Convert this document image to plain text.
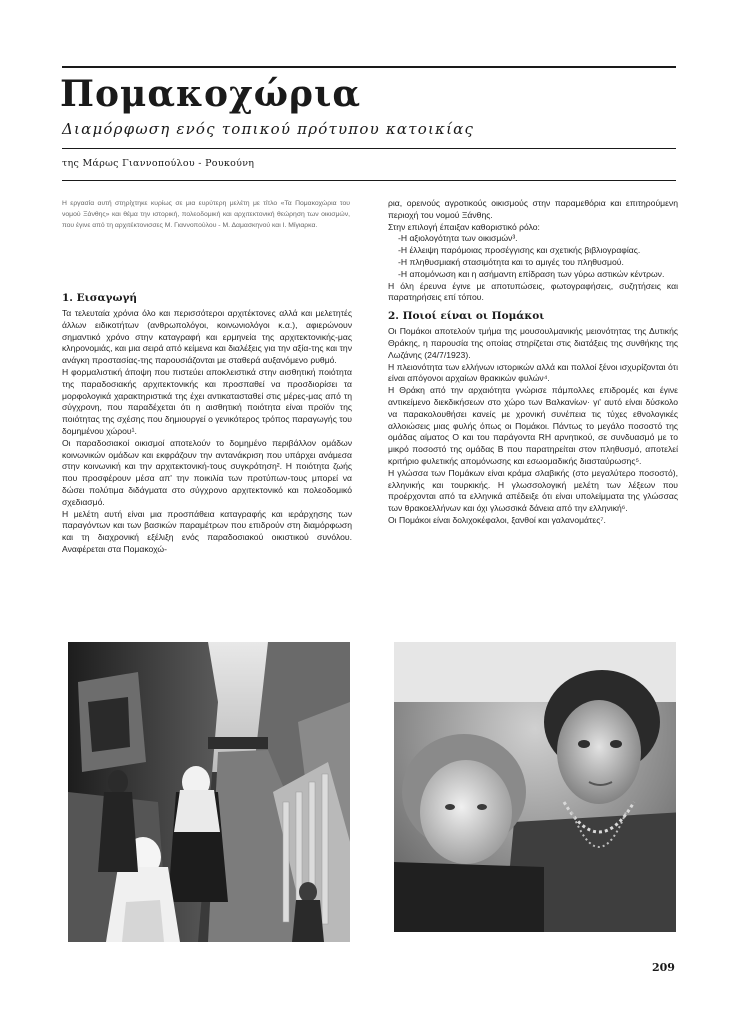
Πομακοχώρια

Διαμόρφωση ενός τοπικού πρότυπου κατοικίας

της Μάρως Γιαννοπούλου - Ρουκούνη

Η εργασία αυτή στηρίχτηκε κυρίως σε μια ευρύτερη μελέτη με τίτλο «Τα Πομακοχώρια του νομού Ξάνθης» και θέμα την ιστορική, πολεοδομική και αρχιτεκτονική θεώρηση των οικισμών, που έγινε από τη αρχιτέκτονισσες Μ. Γιαννοπούλου - Μ. Δαμασκηνού και Ι. Μίγιαρκα.

1. Εισαγωγή

Τα τελευταία χρόνια όλο και περισσότεροι αρχιτέκτονες αλλά και μελετητές άλλων ειδικοτήτων (ανθρωπολόγοι, κοινωνιολόγοι κ.α.), αφιερώνουν σημαντικό χρόνο στην καταγραφή και ερμηνεία της αρχιτεκτονικής-μας κληρονομιάς, και μια σειρά από κείμενα και διαλέξεις για την αξία-της και την ανάγκη προστασίας-της παρουσιάζονται με σταθερά αυξανόμενο ρυθμό.

Η φορμαλιστική άποψη που πιστεύει αποκλειστικά στην αισθητική ποιότητα της παραδοσιακής αρχιτεκτονικής και προσπαθεί να προσδιορίσει τα μορφολογικά χαρακτηριστικά της έχει αντικατασταθεί στις μέρες-μας από τη σύγχρονη, που παραδέχεται ότι η αισθητική ποιότητα είναι προϊόν της ποιότητας της σχέσης που δημιουργεί ο γενικότερος τρόπος παραγωγής του δομημένου χώρου¹.

Οι παραδοσιακοί οικισμοί αποτελούν το δομημένο περιβάλλον ομάδων κοινωνικών ομάδων και εκφράζουν την αντανάκριση που υπάρχει ανάμεσα στην κοινωνική και την αρχιτεκτονική-τους συγκρότηση². Η ποιότητα ζωής που προσφέρουν μέσα απ' την ποικιλία των προτύπων-τους μπορεί να δώσει πολύτιμα διδάγματα στο σύγχρονο αρχιτεκτονικό και πολεοδομικό σχεδιασμό.

Η μελέτη αυτή είναι μια προσπάθεια καταγραφής και ιεράρχησης των παραγόντων και των βασικών παραμέτρων που επιδρούν στη διαμόρφωση και τη διαχρονική εξέλιξη ενός παραδοσιακού οικιστικού συνόλου. Αναφέρεται στα Πομακοχώ-

ρια, ορεινούς αγροτικούς οικισμούς στην παραμεθόρια και επιτηρούμενη περιοχή του νομού Ξάνθης.

Στην επιλογή έπαιξαν καθοριστικό ρόλο:

-Η αξιολογότητα των οικισμών³.
-Η έλλειψη παρόμοιας προσέγγισης και σχετικής βιβλιογραφίας.
-Η πληθυσμιακή στασιμότητα και το αμιγές του πληθυσμού.
-Η απομόνωση και η ασήμαντη επίδραση των γύρω αστικών κέντρων.

Η όλη έρευνα έγινε με αποτυπώσεις, φωτογραφήσεις, συζητήσεις και παρατηρήσεις επί τόπου.

2. Ποιοί είναι οι Πομάκοι

Οι Πομάκοι αποτελούν τμήμα της μουσουλμανικής μειονότητας της Δυτικής Θράκης, η παρουσία της οποίας στηρίζεται στις διατάξεις της συνθήκης της Λωζάνης (24/7/1923).

Η πλειονότητα των ελλήνων ιστορικών αλλά και πολλοί ξένοι ισχυρίζονται ότι είναι απόγονοι αρχαίων θρακικών φυλών⁴.

Η Θράκη από την αρχαιότητα γνώρισε πάμπολλες επιδρομές και έγινε αντικείμενο διεκδικήσεων στο χώρο των Βαλκανίων· γι' αυτό είναι δύσκολο να παρακολουθήσει κανείς με χρονική συνέπεια τις τύχες εθνολογικές αλλοιώσεις μιας φυλής όπως οι Πομάκοι. Πάντως το μεγάλο ποσοστό της ομάδας αίματος Ο και του παράγοντα RH αρνητικού, σε συνδυασμό με το μικρό ποσοστό της ομάδας B που παρατηρείται στον πληθυσμό, αποτελεί κριτήριο φυλετικής απομόνωσης και εσωομαδικής διασταύρωσης⁵.

Η γλώσσα των Πομάκων είναι κράμα σλαβικής (στο μεγαλύτερο ποσοστό), ελληνικής και τουρκικής. Η γλωσσολογική μελέτη των λέξεων που προέρχονται από τα ελληνικά απέδειξε ότι είναι υπολείμματα της γλώσσας των θρακοελλήνων και όχι γλωσσικά δάνεια από την ελληνική⁶.

Οι Πομάκοι είναι δολιχοκέφαλοι, ξανθοί και γαλανομάτες⁷.

209
